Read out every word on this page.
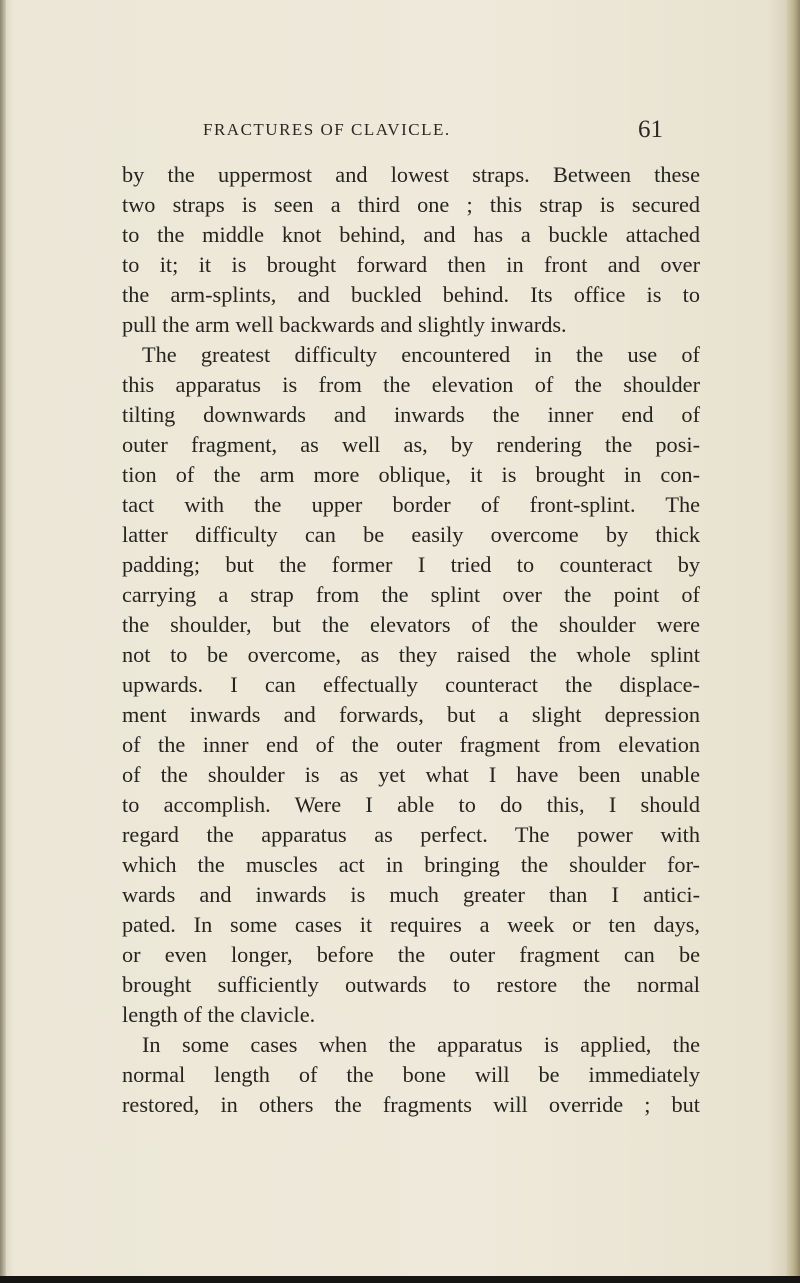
FRACTURES OF CLAVICLE.	61
by the uppermost and lowest straps. Between these
two straps is seen a third one ; this strap is secured
to the middle knot behind, and has a buckle attached
to it; it is brought forward then in front and over
the arm-splints, and buckled behind. Its office is to
pull the arm well backwards and slightly inwards.
The greatest difficulty encountered in the use of
this apparatus is from the elevation of the shoulder
tilting downwards and inwards the inner end of
outer fragment, as well as, by rendering the posi-
tion of the arm more oblique, it is brought in con-
tact with the upper border of front-splint. The
latter difficulty can be easily overcome by thick
padding; but the former I tried to counteract by
carrying a strap from the splint over the point of
the shoulder, but the elevators of the shoulder were
not to be overcome, as they raised the whole splint
upwards. I can effectually counteract the displace-
ment inwards and forwards, but a slight depression
of the inner end of the outer fragment from elevation
of the shoulder is as yet what I have been unable
to accomplish. Were I able to do this, I should
regard the apparatus as perfect. The power with
which the muscles act in bringing the shoulder for-
wards and inwards is much greater than I antici-
pated. In some cases it requires a week or ten days,
or even longer, before the outer fragment can be
brought sufficiently outwards to restore the normal
length of the clavicle.
In some cases when the apparatus is applied, the
normal length of the bone will be immediately
restored, in others the fragments will override ; but
